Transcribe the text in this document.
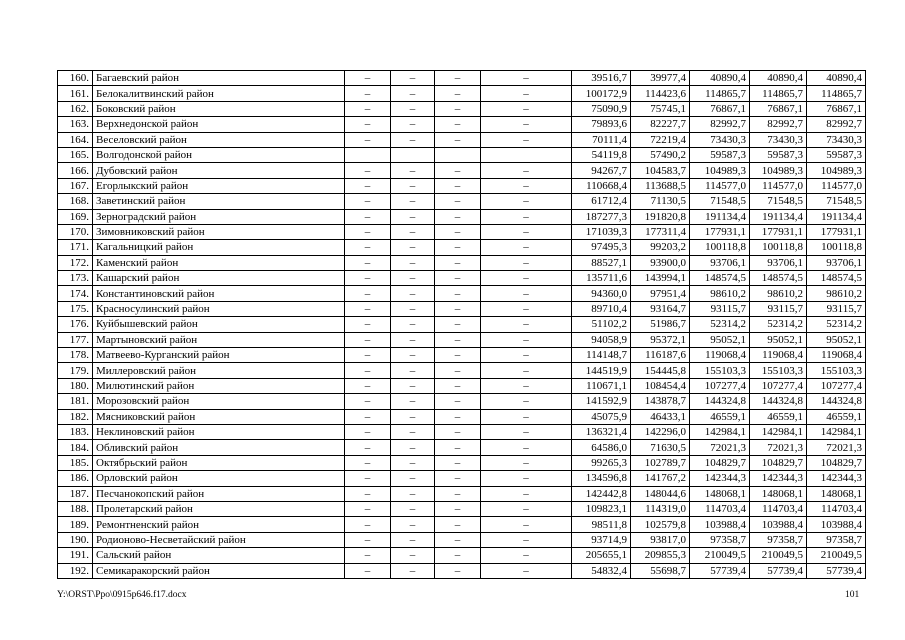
160.	Багаевский район	–	–	–	–	39516,7	39977,4	40890,4	40890,4	40890,4
161.	Белокалитвинский район	–	–	–	–	100172,9	114423,6	114865,7	114865,7	114865,7
162.	Боковский район	–	–	–	–	75090,9	75745,1	76867,1	76867,1	76867,1
163.	Верхнедонской район	–	–	–	–	79893,6	82227,7	82992,7	82992,7	82992,7
164.	Веселовский район	–	–	–	–	70111,4	72219,4	73430,3	73430,3	73430,3
165.	Волгодонской район					54119,8	57490,2	59587,3	59587,3	59587,3
166.	Дубовский район	–	–	–	–	94267,7	104583,7	104989,3	104989,3	104989,3
167.	Егорлыкский район	–	–	–	–	110668,4	113688,5	114577,0	114577,0	114577,0
168.	Заветинский район	–	–	–	–	61712,4	71130,5	71548,5	71548,5	71548,5
169.	Зерноградский район	–	–	–	–	187277,3	191820,8	191134,4	191134,4	191134,4
170.	Зимовниковский район	–	–	–	–	171039,3	177311,4	177931,1	177931,1	177931,1
171.	Кагальницкий район	–	–	–	–	97495,3	99203,2	100118,8	100118,8	100118,8
172.	Каменский район	–	–	–	–	88527,1	93900,0	93706,1	93706,1	93706,1
173.	Кашарский район	–	–	–	–	135711,6	143994,1	148574,5	148574,5	148574,5
174.	Константиновский район	–	–	–	–	94360,0	97951,4	98610,2	98610,2	98610,2
175.	Красносулинский район	–	–	–	–	89710,4	93164,7	93115,7	93115,7	93115,7
176.	Куйбышевский район	–	–	–	–	51102,2	51986,7	52314,2	52314,2	52314,2
177.	Мартыновский район	–	–	–	–	94058,9	95372,1	95052,1	95052,1	95052,1
178.	Матвеево-Курганский район	–	–	–	–	114148,7	116187,6	119068,4	119068,4	119068,4
179.	Миллеровский район	–	–	–	–	144519,9	154445,8	155103,3	155103,3	155103,3
180.	Милютинский район	–	–	–	–	110671,1	108454,4	107277,4	107277,4	107277,4
181.	Морозовский район	–	–	–	–	141592,9	143878,7	144324,8	144324,8	144324,8
182.	Мясниковский район	–	–	–	–	45075,9	46433,1	46559,1	46559,1	46559,1
183.	Неклиновский район	–	–	–	–	136321,4	142296,0	142984,1	142984,1	142984,1
184.	Обливский район	–	–	–	–	64586,0	71630,5	72021,3	72021,3	72021,3
185.	Октябрьский район	–	–	–	–	99265,3	102789,7	104829,7	104829,7	104829,7
186.	Орловский район	–	–	–	–	134596,8	141767,2	142344,3	142344,3	142344,3
187.	Песчанокопский район	–	–	–	–	142442,8	148044,6	148068,1	148068,1	148068,1
188.	Пролетарский район	–	–	–	–	109823,1	114319,0	114703,4	114703,4	114703,4
189.	Ремонтненский район	–	–	–	–	98511,8	102579,8	103988,4	103988,4	103988,4
190.	Родионово-Несветайский район	–	–	–	–	93714,9	93817,0	97358,7	97358,7	97358,7
191.	Сальский район	–	–	–	–	205655,1	209855,3	210049,5	210049,5	210049,5
192.	Семикаракорский район	–	–	–	–	54832,4	55698,7	57739,4	57739,4	57739,4
Y:\ORST\Ppo\0915p646.f17.docx	101
